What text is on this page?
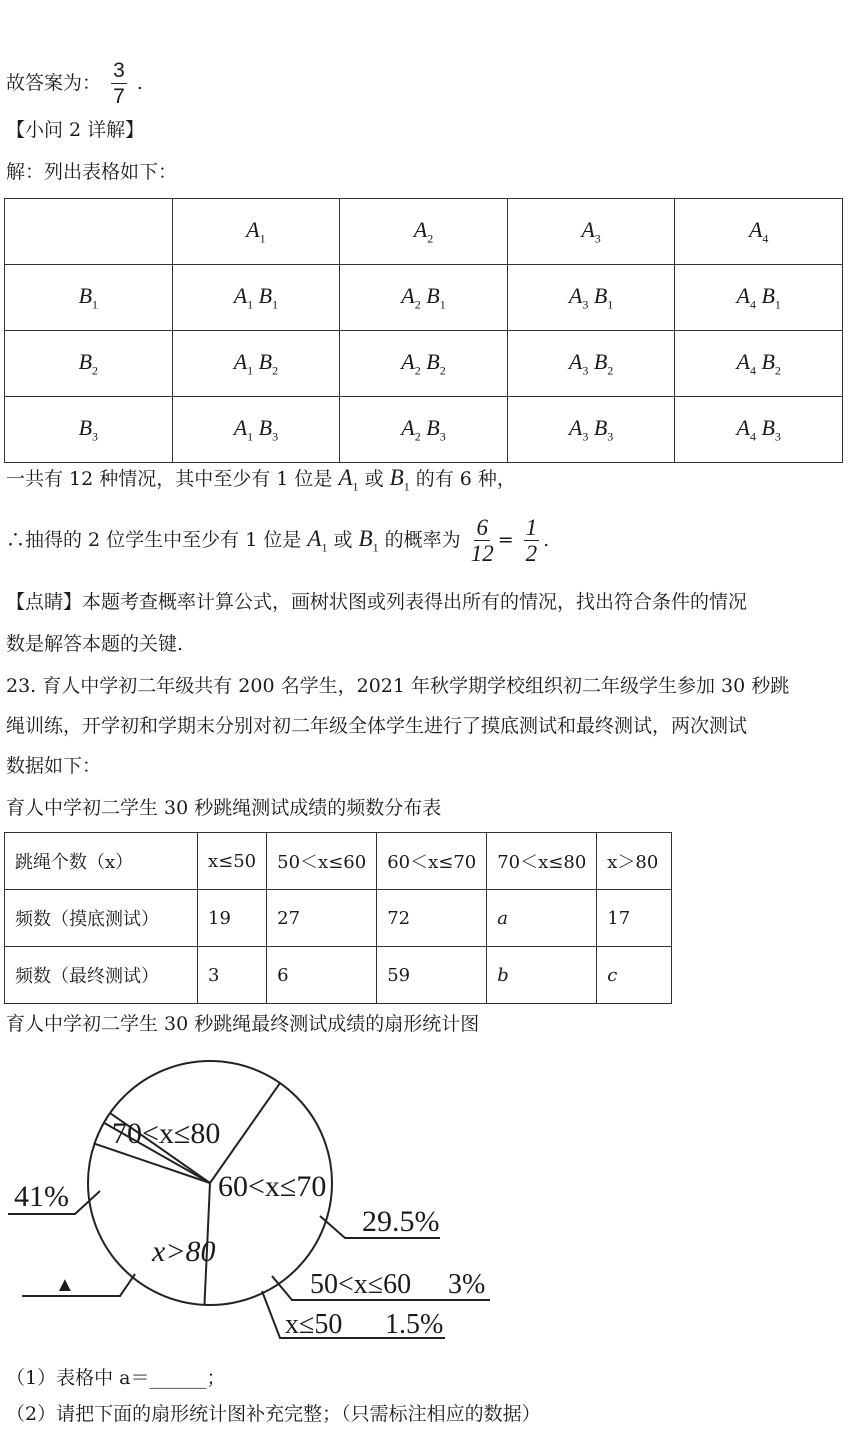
故答案为： $\frac{3}{7}$ .
【小问 2 详解】
解：列出表格如下：
	$A_1$	$A_2$	$A_3$	$A_4$
$B_1$	$A_1$ $B_1$	$A_2$ $B_1$	$A_3$ $B_1$	$A_4$ $B_1$
$B_2$	$A_1$ $B_2$	$A_2$ $B_2$	$A_3$ $B_2$	$A_4$ $B_2$
$B_3$	$A_1$ $B_3$	$A_2$ $B_3$	$A_3$ $B_3$	$A_4$ $B_3$
一共有 12 种情况，其中至少有 1 位是 $A_1$ 或 $B_1$ 的有 6 种，
∴抽得的 2 位学生中至少有 1 位是 $A_1$ 或 $B_1$ 的概率为 $\frac{6}{12} = \frac{1}{2}$ .
【点睛】本题考查概率计算公式，画树状图或列表得出所有的情况，找出符合条件的情况
数是解答本题的关键.
23. 育人中学初二年级共有 200 名学生，2021 年秋学期学校组织初二年级学生参加 30 秒跳
绳训练，开学初和学期末分别对初二年级全体学生进行了摸底测试和最终测试，两次测试
数据如下：
育人中学初二学生 30 秒跳绳测试成绩的频数分布表
跳绳个数（x）	x≤50	50＜x≤60	60＜x≤70	70＜x≤80	x＞80
频数（摸底测试）	19	27	72	a	17
频数（最终测试）	3	6	59	b	c
育人中学初二学生 30 秒跳绳最终测试成绩的扇形统计图
70<x≤80
41%	60<x≤70
29.5%
x>80
▲	50<x≤60 3%
x≤50 1.5%
（1）表格中 a＝______；
（2）请把下面的扇形统计图补充完整；（只需标注相应的数据）
